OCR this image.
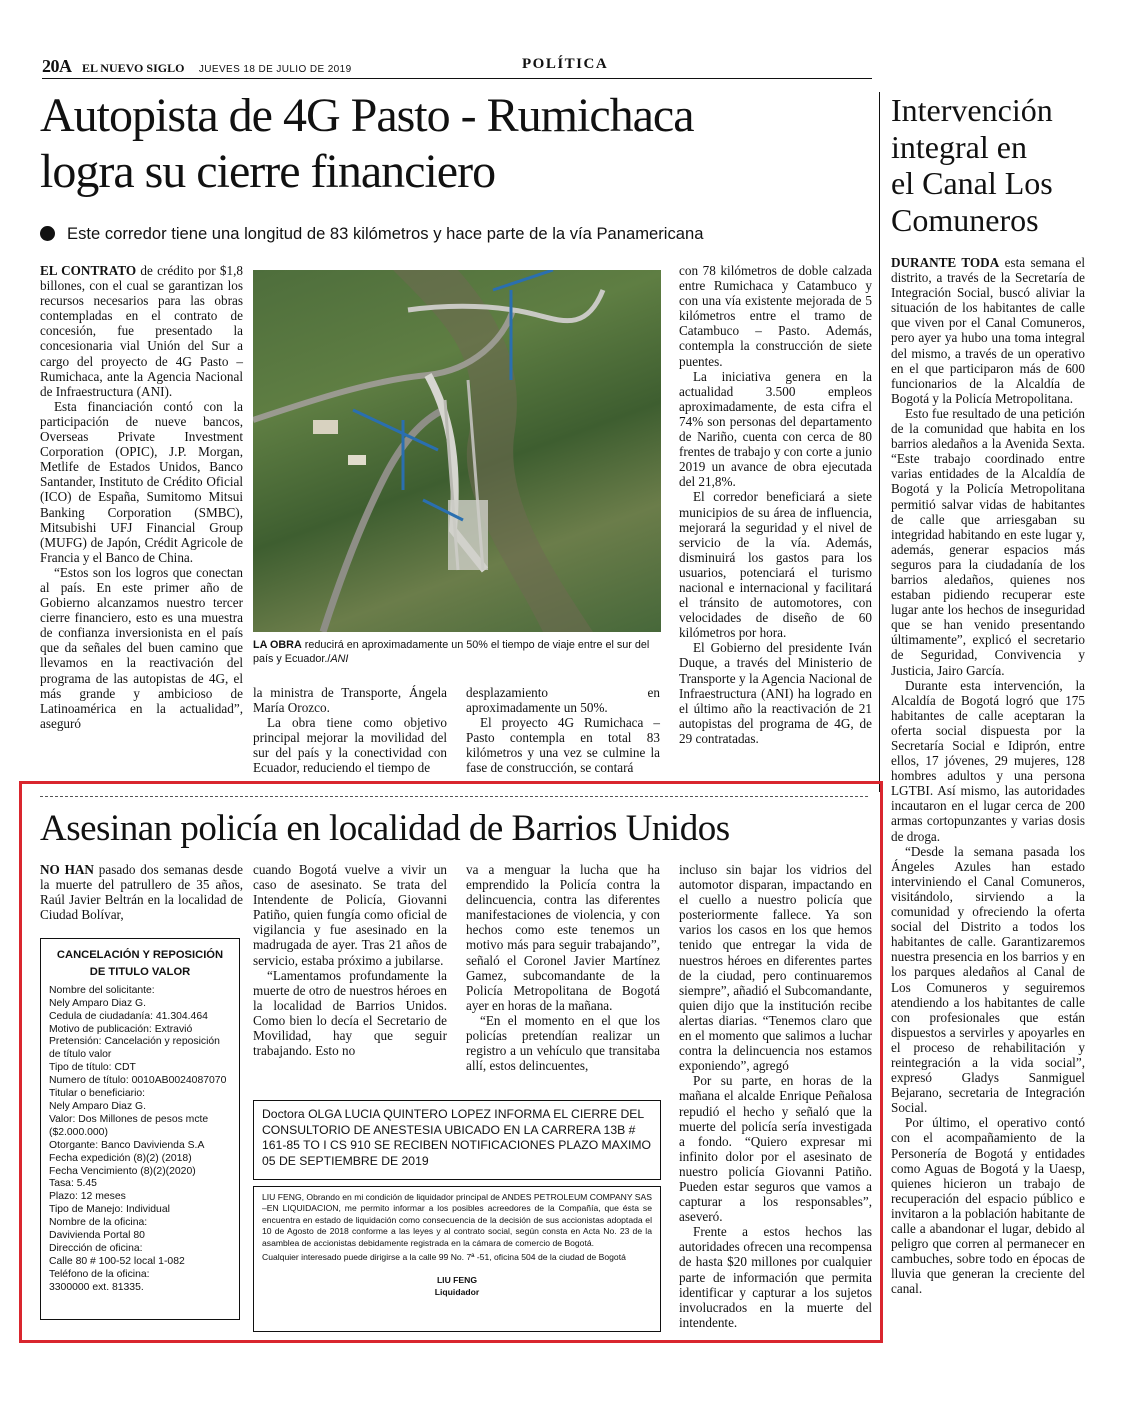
20A EL NUEVO SIGLO JUEVES 18 DE JULIO DE 2019	POLÍTICA
Autopista de 4G Pasto - Rumichaca
logra su cierre financiero
Este corredor tiene una longitud de 83 kilómetros y hace parte de la vía Panamericana

EL CONTRATO de crédito por $1,8 billones, con el cual se garantizan los recursos necesarios para las obras contempladas en el contrato de concesión, fue presentado la concesionaria vial Unión del Sur a cargo del proyecto de 4G Pasto – Rumichaca, ante la Agencia Nacional de Infraestructura (ANI).

Esta financiación contó con la participación de nueve bancos, Overseas Private Investment Corporation (OPIC), J.P. Morgan, Metlife de Estados Unidos, Banco Santander, Instituto de Crédito Oficial (ICO) de España, Sumitomo Mitsui Banking Corporation (SMBC), Mitsubishi UFJ Financial Group (MUFG) de Japón, Crédit Agricole de Francia y el Banco de China.

“Estos son los logros que conectan al país. En este primer año de Gobierno alcanzamos nuestro tercer cierre financiero, esto es una muestra de confianza inversionista en el país que da señales del buen camino que llevamos en la reactivación del programa de las autopistas de 4G, el más grande y ambicioso de Latinoamérica en la actualidad”, aseguró

LA OBRA reducirá en aproximadamente un 50% el tiempo de viaje entre el sur del país y Ecuador./ANI

la ministra de Transporte, Ángela María Orozco.

La obra tiene como objetivo principal mejorar la movilidad del sur del país y la conectividad con Ecuador, reduciendo el tiempo de

desplazamiento en aproximadamente un 50%.

El proyecto 4G Rumichaca – Pasto contempla en total 83 kilómetros y una vez se culmine la fase de construcción, se contará

con 78 kilómetros de doble calzada entre Rumichaca y Catambuco y con una vía existente mejorada de 5 kilómetros entre el tramo de Catambuco – Pasto. Además, contempla la construcción de siete puentes.

La iniciativa genera en la actualidad 3.500 empleos aproximadamente, de esta cifra el 74% son personas del departamento de Nariño, cuenta con cerca de 80 frentes de trabajo y con corte a junio 2019 un avance de obra ejecutada del 21,8%.

El corredor beneficiará a siete municipios de su área de influencia, mejorará la seguridad y el nivel de servicio de la vía. Además, disminuirá los gastos para los usuarios, potenciará el turismo nacional e internacional y facilitará el tránsito de automotores, con velocidades de diseño de 60 kilómetros por hora.

El Gobierno del presidente Iván Duque, a través del Ministerio de Transporte y la Agencia Nacional de Infraestructura (ANI) ha logrado en el último año la reactivación de 21 autopistas del programa de 4G, de 29 contratadas.

Intervención
integral en
el Canal Los
Comuneros

DURANTE TODA esta semana el distrito, a través de la Secretaría de Integración Social, buscó aliviar la situación de los habitantes de calle que viven por el Canal Comuneros, pero ayer ya hubo una toma integral del mismo, a través de un operativo en el que participaron más de 600 funcionarios de la Alcaldía de Bogotá y la Policía Metropolitana.

Esto fue resultado de una petición de la comunidad que habita en los barrios aledaños a la Avenida Sexta. “Este trabajo coordinado entre varias entidades de la Alcaldía de Bogotá y la Policía Metropolitana permitió salvar vidas de habitantes de calle que arriesgaban su integridad habitando en este lugar y, además, generar espacios más seguros para la ciudadanía de los barrios aledaños, quienes nos estaban pidiendo recuperar este lugar ante los hechos de inseguridad que se han venido presentando últimamente”, explicó el secretario de Seguridad, Convivencia y Justicia, Jairo García.

Durante esta intervención, la Alcaldía de Bogotá logró que 175 habitantes de calle aceptaran la oferta social dispuesta por la Secretaría Social e Idiprón, entre ellos, 17 jóvenes, 29 mujeres, 128 hombres adultos y una persona LGTBI. Así mismo, las autoridades incautaron en el lugar cerca de 200 armas cortopunzantes y varias dosis de droga.

“Desde la semana pasada los Ángeles Azules han estado interviniendo el Canal Comuneros, visitándolo, sirviendo a la comunidad y ofreciendo la oferta social del Distrito a todos los habitantes de calle. Garantizaremos nuestra presencia en los barrios y en los parques aledaños al Canal de Los Comuneros y seguiremos atendiendo a los habitantes de calle con profesionales que están dispuestos a servirles y apoyarles en el proceso de rehabilitación y reintegración a la vida social”, expresó Gladys Sanmiguel Bejarano, secretaria de Integración Social.

Por último, el operativo contó con el acompañamiento de la Personería de Bogotá y entidades como Aguas de Bogotá y la Uaesp, quienes hicieron un trabajo de recuperación del espacio público e invitaron a la población habitante de calle a abandonar el lugar, debido al peligro que corren al permanecer en cambuches, sobre todo en épocas de lluvia que generan la creciente del canal.

Asesinan policía en localidad de Barrios Unidos

NO HAN pasado dos semanas desde la muerte del patrullero de 35 años, Raúl Javier Beltrán en la localidad de Ciudad Bolívar,

CANCELACIÓN Y REPOSICIÓN
DE TITULO VALOR
Nombre del solicitante:
Nely Amparo Diaz G.
Cedula de ciudadanía: 41.304.464
Motivo de publicación: Extravió
Pretensión: Cancelación y reposición
de título valor
Tipo de título: CDT
Numero de título: 0010AB0024087070
Titular o beneficiario:
Nely Amparo Diaz G.
Valor: Dos Millones de pesos mcte
($2.000.000)
Otorgante: Banco Davivienda S.A
Fecha expedición (8)(2) (2018)
Fecha Vencimiento (8)(2)(2020)
Tasa: 5.45
Plazo: 12 meses
Tipo de Manejo: Individual
Nombre de la oficina:
Davivienda Portal 80
Dirección de oficina:
Calle 80 # 100-52 local 1-082
Teléfono de la oficina:
3300000 ext. 81335.

cuando Bogotá vuelve a vivir un caso de asesinato. Se trata del Intendente de Policía, Giovanni Patiño, quien fungía como oficial de vigilancia y fue asesinado en la madrugada de ayer. Tras 21 años de servicio, estaba próximo a jubilarse.

“Lamentamos profundamente la muerte de otro de nuestros héroes en la localidad de Barrios Unidos. Como bien lo decía el Secretario de Movilidad, hay que seguir trabajando. Esto no

va a menguar la lucha que ha emprendido la Policía contra la delincuencia, contra las diferentes manifestaciones de violencia, y con hechos como este tenemos un motivo más para seguir trabajando”, señaló el Coronel Javier Martínez Gamez, subcomandante de la Policía Metropolitana de Bogotá ayer en horas de la mañana.

“En el momento en el que los policías pretendían realizar un registro a un vehículo que transitaba allí, estos delincuentes,

incluso sin bajar los vidrios del automotor disparan, impactando en el cuello a nuestro policía que posteriormente fallece. Ya son varios los casos en los que hemos tenido que entregar la vida de nuestros héroes en diferentes partes de la ciudad, pero continuaremos siempre”, añadió el Subcomandante, quien dijo que la institución recibe alertas diarias. “Tenemos claro que en el momento que salimos a luchar contra la delincuencia nos estamos exponiendo”, agregó

Por su parte, en horas de la mañana el alcalde Enrique Peñalosa repudió el hecho y señaló que la muerte del policía sería investigada a fondo. “Quiero expresar mi infinito dolor por el asesinato de nuestro policía Giovanni Patiño. Pueden estar seguros que vamos a capturar a los responsables”, aseveró.

Frente a estos hechos las autoridades ofrecen una recompensa de hasta $20 millones por cualquier parte de información que permita identificar y capturar a los sujetos involucrados en la muerte del intendente.

Doctora OLGA LUCIA QUINTERO LOPEZ INFORMA EL CIERRE DEL CONSULTORIO DE ANESTESIA UBICADO EN LA CARRERA 13B # 161-85 TO I CS 910 SE RECIBEN NOTIFICACIONES PLAZO MAXIMO 05 DE SEPTIEMBRE DE 2019
LIU FENG, Obrando en mi condición de liquidador principal de ANDES PETROLEUM COMPANY SAS –EN LIQUIDACION, me permito informar a los posibles acreedores de la Compañía, que ésta se encuentra en estado de liquidación como consecuencia de la decisión de sus accionistas adoptada el 10 de Agosto de 2018 conforme a las leyes y al contrato social, según consta en Acta No. 23 de la asamblea de accionistas debidamente registrada en la cámara de comercio de Bogotá.
Cualquier interesado puede dirigirse a la calle 99 No. 7ª -51, oficina 504 de la ciudad de Bogotá
LIU FENG
Liquidador
